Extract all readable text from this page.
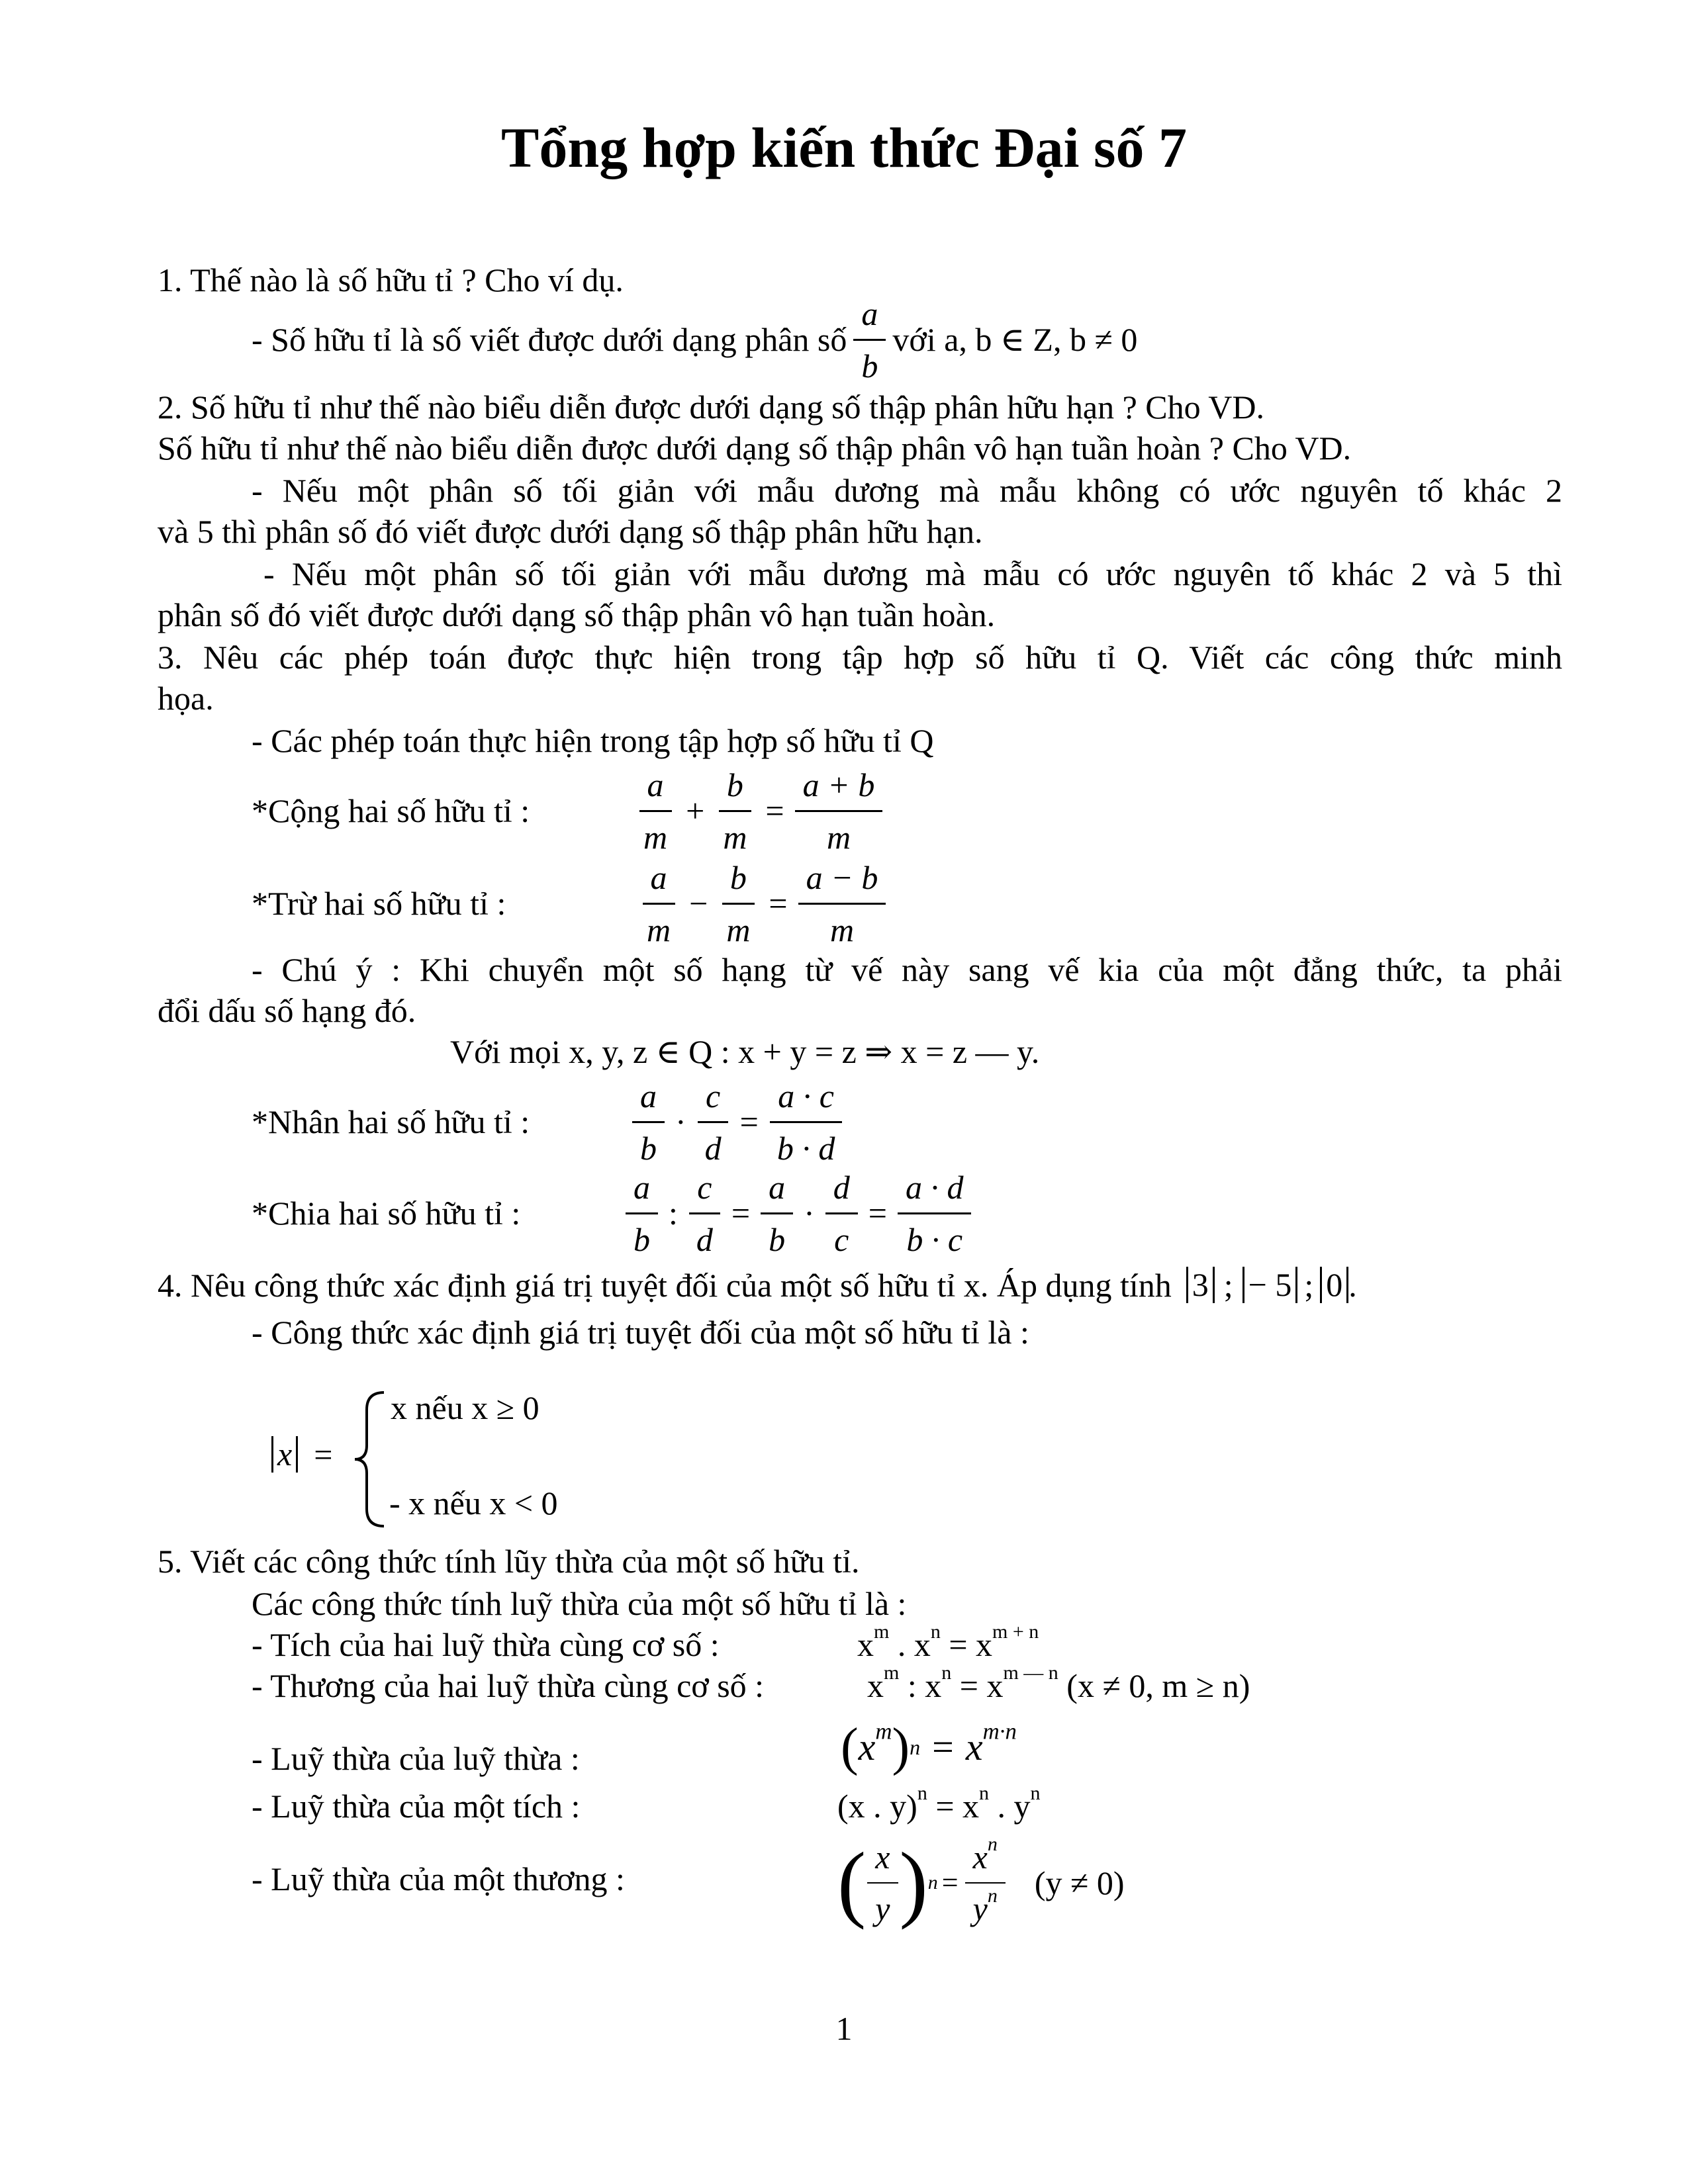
Tổng hợp kiến thức Đại số 7
1. Thế nào là số hữu tỉ ? Cho ví dụ.
- Số hữu tỉ là số viết được dưới dạng phân số $\frac{a}{b}$ với a, b ∈ Z, b ≠ 0
2. Số hữu tỉ như thế nào biểu diễn được dưới dạng số thập phân hữu hạn ? Cho VD.
Số hữu tỉ như thế nào biểu diễn được dưới dạng số thập phân vô hạn tuần hoàn ? Cho VD.
- Nếu một phân số tối giản với mẫu dương mà mẫu không có ước nguyên tố khác 2
và 5 thì phân số đó viết được dưới dạng số thập phân hữu hạn.
- Nếu một phân số tối giản với mẫu dương mà mẫu có ước nguyên tố khác 2 và 5 thì
phân số đó viết được dưới dạng số thập phân vô hạn tuần hoàn.
3. Nêu các phép toán được thực hiện trong tập hợp số hữu tỉ Q. Viết các công thức minh
họa.
- Các phép toán thực hiện trong tập hợp số hữu tỉ Q
*Cộng hai số hữu tỉ :	$\frac{a}{m} + \frac{b}{m} = \frac{a + b}{m}$
*Trừ hai số hữu tỉ :	$\frac{a}{m} - \frac{b}{m} = \frac{a - b}{m}$
- Chú ý : Khi chuyển một số hạng từ vế này sang vế kia của một đẳng thức, ta phải
đổi dấu số hạng đó.
Với mọi x, y, z ∈ Q : x + y = z ⇒ x = z — y.
*Nhân hai số hữu tỉ :	$\frac{a}{b} \cdot \frac{c}{d} = \frac{a \cdot c}{b \cdot d}$
*Chia hai số hữu tỉ :	$\frac{a}{b}$ : $\frac{c}{d} = \frac{a}{b} \cdot \frac{d}{c} = \frac{a \cdot d}{b \cdot c}$
4. Nêu công thức xác định giá trị tuyệt đối của một số hữu tỉ x. Áp dụng tính 3 ; − 5 ; 0 .
- Công thức xác định giá trị tuyệt đối của một số hữu tỉ là :
x =
x nếu x ≥ 0
- x nếu x < 0
5. Viết các công thức tính lũy thừa của một số hữu tỉ.
Các công thức tính luỹ thừa của một số hữu tỉ là :
- Tích của hai luỹ thừa cùng cơ số :	$x^m$ . $x^n = x^{m + n}$
- Thương của hai luỹ thừa cùng cơ số :	$x^m$ : $x^n = x^{m — n}$ (x ≠ 0, m ≥ n)
- Luỹ thừa của luỹ thừa :	( $x^m$ ) $n = x^{m\cdot n}$
- Luỹ thừa của một tích :	(x . $y)^n = x^n$ . $y^n$
- Luỹ thừa của một thương : ( $\frac{x}{y}$ ) $n = \frac{x^n}{y^n} (y \ne 0)$
1
